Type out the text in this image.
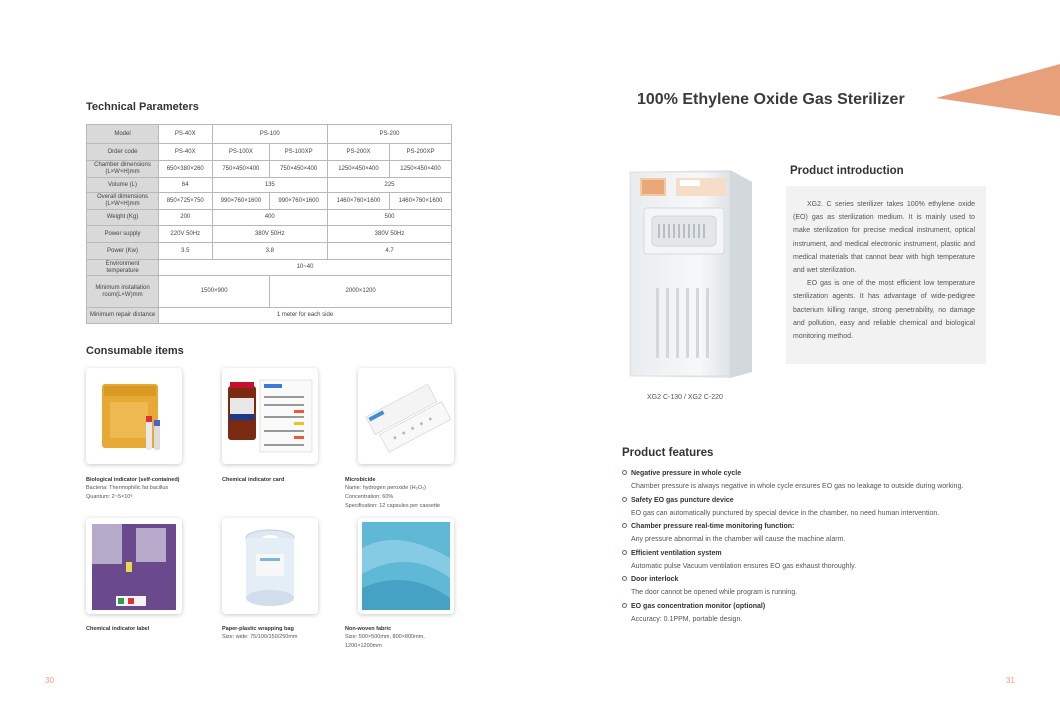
Technical Parameters
Model	PS-40X	PS-100		PS-200	
Order code	PS-40X	PS-100X	PS-100XP	PS-200X	PS-200XP
Chamber dimensions (L×W×H)mm	650×380×260	750×450×400	750×450×400	1250×450×400	1250×450×400
Volume (L)	64	135		225	
Overall dimensions (L×W×H)mm	850×725×750	990×760×1600	990×760×1600	1460×760×1600	1460×760×1600
Weight (Kg)	200	400		500	
Power supply	220V 50Hz	380V 50Hz		380V 50Hz	
Power (Kw)	3.5	3.8		4.7	
Environment temperature	10~40				
Minimum installation room(L×W)mm	1500×900		2000×1200		
Minimum repair distance	1 meter for each side				
Consumable items
Biological indicator (self-contained)
Bacteria: Thermophilic fat bacillus
Quantum: 2~5×10⁶
Chemical indicator card	Microbicide
Name: hydrogen peroxide (H₂O₂)
Concentration: 60%
Specification: 12 capsules per cassette
Chemical indicator label	Paper-plastic wrapping bag
Size: wide: 75/100/150/250mm
Non-woven fabric
Size: 500×500mm, 800×800mm,
1200×1200mm
30
100% Ethylene Oxide Gas Sterilizer
Product introduction

XG2. C series sterilizer takes 100% ethylene oxide (EO) gas as sterilization medium. It is mainly used to make sterilization for precise medical instrument, optical instrument, and medical electronic instrument, plastic and medical materials that cannot bear with high temperature and wet sterilization.

EO gas is one of the most efficient low temperature sterilization agents. It has advantage of wide-pedigree bacterium killing range, strong penetrability, no damage and pollution, easy and reliable chemical and biological monitoring method.

XG2 C-130 / XG2 C-220
Product features
Negative pressure in whole cycle
Chamber pressure is always negative in whole cycle ensures EO gas no leakage to outside during working.
Safety EO gas puncture device
EO gas can automatically punctured by special device in the chamber, no need human intervention.
Chamber pressure real-time monitoring function:
Any pressure abnormal in the chamber will cause the machine alarm.
Efficient ventilation system
Automatic pulse Vacuum ventilation ensures EO gas exhaust thoroughly.
Door interlock
The door cannot be opened while program is running.
EO gas concentration monitor (optional)
Accuracy: 0.1PPM, portable design.
31
